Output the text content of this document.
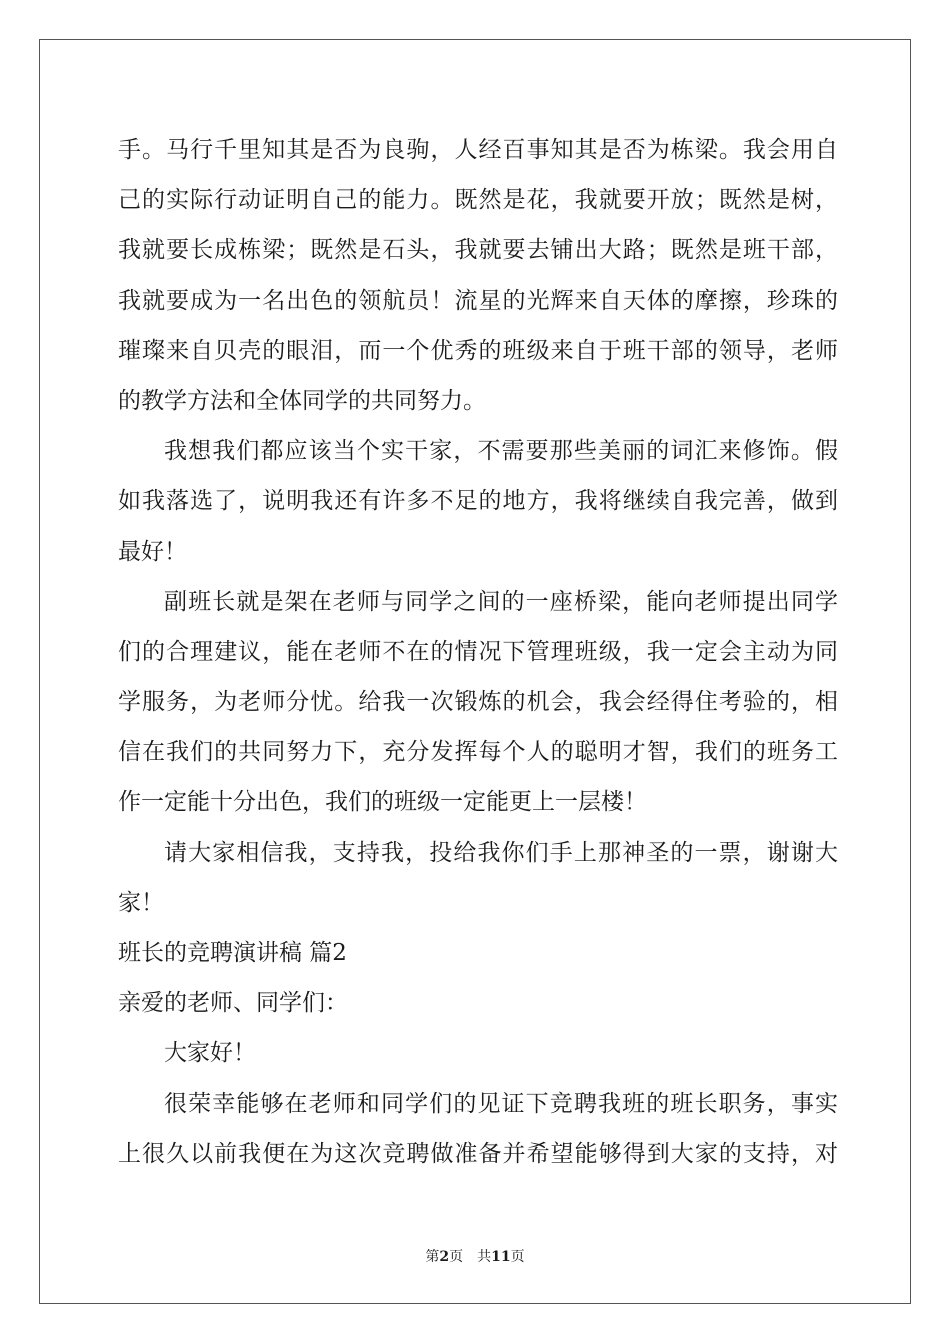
手。马行千里知其是否为良驹，人经百事知其是否为栋梁。我会用自
己的实际行动证明自己的能力。既然是花，我就要开放；既然是树，
我就要长成栋梁；既然是石头，我就要去铺出大路；既然是班干部，
我就要成为一名出色的领航员！流星的光辉来自天体的摩擦，珍珠的
璀璨来自贝壳的眼泪，而一个优秀的班级来自于班干部的领导，老师
的教学方法和全体同学的共同努力。
我想我们都应该当个实干家，不需要那些美丽的词汇来修饰。假
如我落选了，说明我还有许多不足的地方，我将继续自我完善，做到
最好！
副班长就是架在老师与同学之间的一座桥梁，能向老师提出同学
们的合理建议，能在老师不在的情况下管理班级，我一定会主动为同
学服务，为老师分忧。给我一次锻炼的机会，我会经得住考验的，相
信在我们的共同努力下，充分发挥每个人的聪明才智，我们的班务工
作一定能十分出色，我们的班级一定能更上一层楼！
请大家相信我，支持我，投给我你们手上那神圣的一票，谢谢大
家！
班长的竞聘演讲稿 篇2
亲爱的老师、同学们：
大家好！
很荣幸能够在老师和同学们的见证下竞聘我班的班长职务，事实
上很久以前我便在为这次竞聘做准备并希望能够得到大家的支持，对
第2页 共11页
